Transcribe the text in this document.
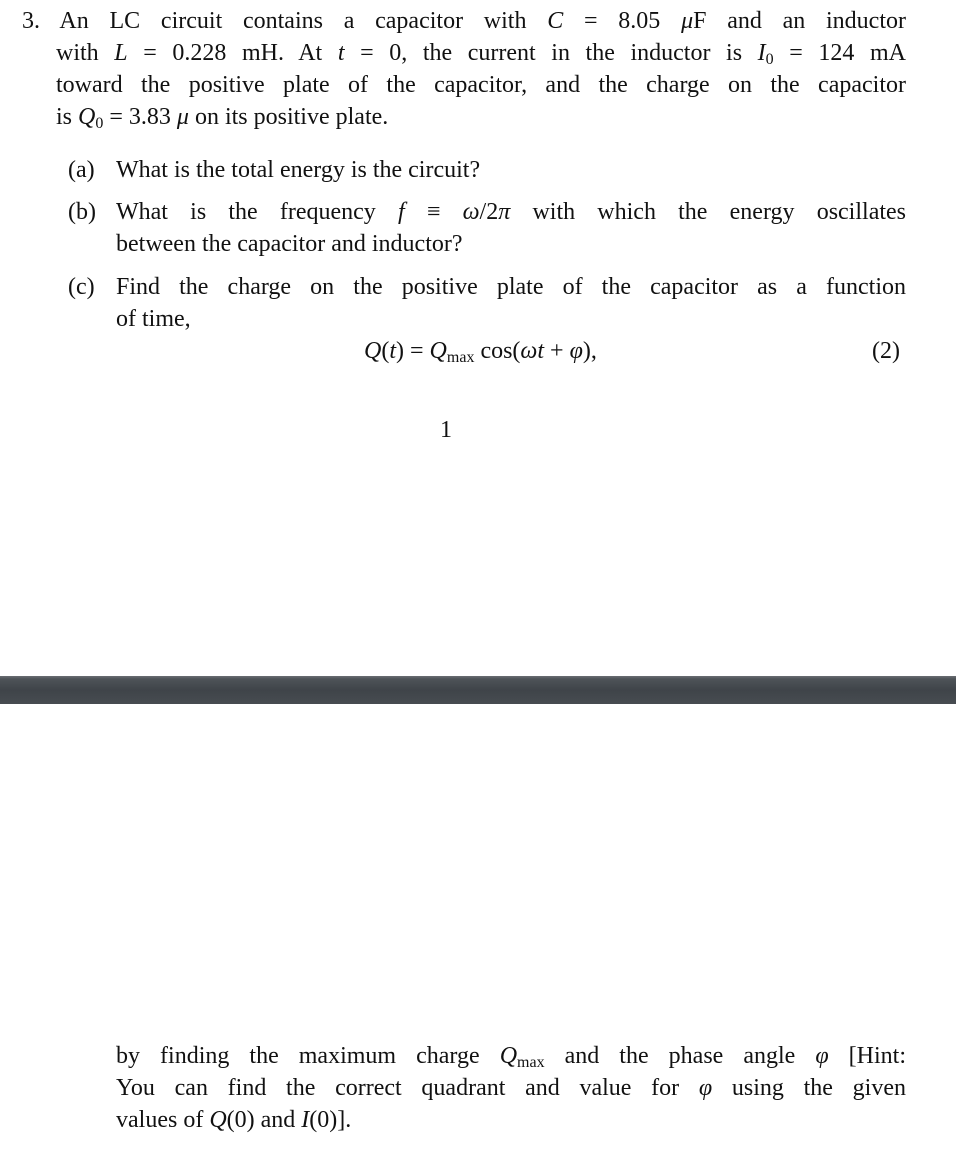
3. An LC circuit contains a capacitor with C = 8.05 μF and an inductor
with L = 0.228 mH. At t = 0, the current in the inductor is $I_0 = 124$ mA
toward the positive plate of the capacitor, and the charge on the capacitor
is $Q_0 = 3.83$ μ on its positive plate.
(a) What is the total energy is the circuit?
(b) What is the frequency f ≡ ω/2π with which the energy oscillates
between the capacitor and inductor?
(c) Find the charge on the positive plate of the capacitor as a function
of time,
$Q(t) = Q_{max}$ cos(ωt + φ),	(2)
1
by finding the maximum charge $Q_{max}$ and the phase angle φ [Hint:
You can find the correct quadrant and value for φ using the given
values of Q(0) and I(0)].
